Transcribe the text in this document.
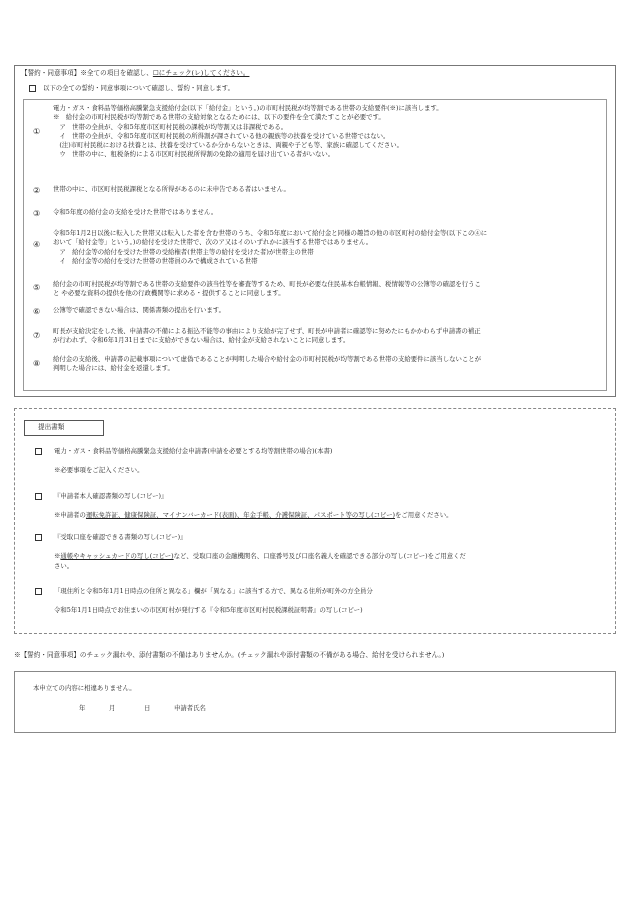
【誓約・同意事項】※全ての項目を確認し、☐にチェック(レ)してください。
以下の全ての誓約・同意事項について確認し、誓約・同意します。
①

電力・ガス・食料品等価格高騰緊急支援給付金(以下「給付金」という。)の市町村民税が均等割である世帯の支給要件(※)に該当します。

※　給付金の市町村民税が均等割である世帯の支給対象となるためには、以下の要件を全て満たすことが必要です。

　ア　世帯の全員が、令和5年度市区町村民税の課税が均等割又は非課税である。

　イ　世帯の全員が、令和5年度市区町村民税の所得割が課されている他の親族等の扶養を受けている世帯ではない。

　(注)市町村民税における扶養とは、扶養を受けているか分からないときは、両親や子ども等、家族に確認してください。

　ウ　世帯の中に、租税条約による市区町村民税所得割の免除の適用を届け出ている者がいない。

② 世帯の中に、市区町村民税課税となる所得があるのに未申告である者はいません。

③ 令和5年度の給付金の支給を受けた世帯ではありません。

④

令和5年1月2日以後に転入した世帯又は転入した者を含む世帯のうち、令和5年度において給付金と同様の趣旨の他の市区町村の給付金等(以下この④に

おいて「給付金等」という。)の給付を受けた世帯で、次のア又はイのいずれかに該当する世帯ではありません。

　ア　給付金等の給付を受けた世帯の受給権者(世帯主等の給付を受けた者)が世帯主の世帯

　イ　給付金等の給付を受けた世帯の世帯員のみで構成されている世帯

⑤ 給付金の市町村民税が均等割である世帯の支給要件の該当性等を審査等するため、町長が必要な住民基本台帳情報、税情報等の公簿等の確認を行うこ

と や必要な資料の提供を他の行政機関等に求める・提供することに同意します。

⑥ 公簿等で確認できない場合は、関係書類の提出を行います。

⑦ 町長が支給決定をした後、申請書の不備による振込不能等の事由により支給が完了せず、町長が申請者に確認等に努めたにもかかわらず申請書の補正

が行われず、令和6年1月31日までに支給ができない場合は、給付金が支給されないことに同意します。

⑧ 給付金の支給後、申請書の記載事項について虚偽であることが判明した場合や給付金の市町村民税が均等割である世帯の支給要件に該当しないことが

判明した場合には、給付金を返還します。

提出書類
電力・ガス・食料品等価格高騰緊急支援給付金申請書(申請を必要とする均等割世帯の場合)(本書)
※必要事項をご記入ください。
『申請者本人確認書類の写し(コピー)』
※申請者の運転免許証、健康保険証、マイナンバーカード(表面)、年金手帳、介護保険証、パスポート等の写し(コピー)をご用意ください。
『受取口座を確認できる書類の写し(コピー)』
※通帳やキャッシュカードの写し(コピー)など、受取口座の金融機関名、口座番号及び口座名義人を確認できる部分の写し(コピー)をご用意くだ
さい。
「現住所と令和5年1月1日時点の住所と異なる」欄が「異なる」に該当する方で、異なる住所が町外の方全員分
令和5年1月1日時点でお住まいの市区町村が発行する『令和5年度市区町村民税課税証明書』の写し(コピー)
※【誓約・同意事項】のチェック漏れや、添付書類の不備はありませんか。(チェック漏れや添付書類の不備がある場合、給付を受けられません。)
本申立ての内容に相違ありません。
年	月	日	申請者氏名
